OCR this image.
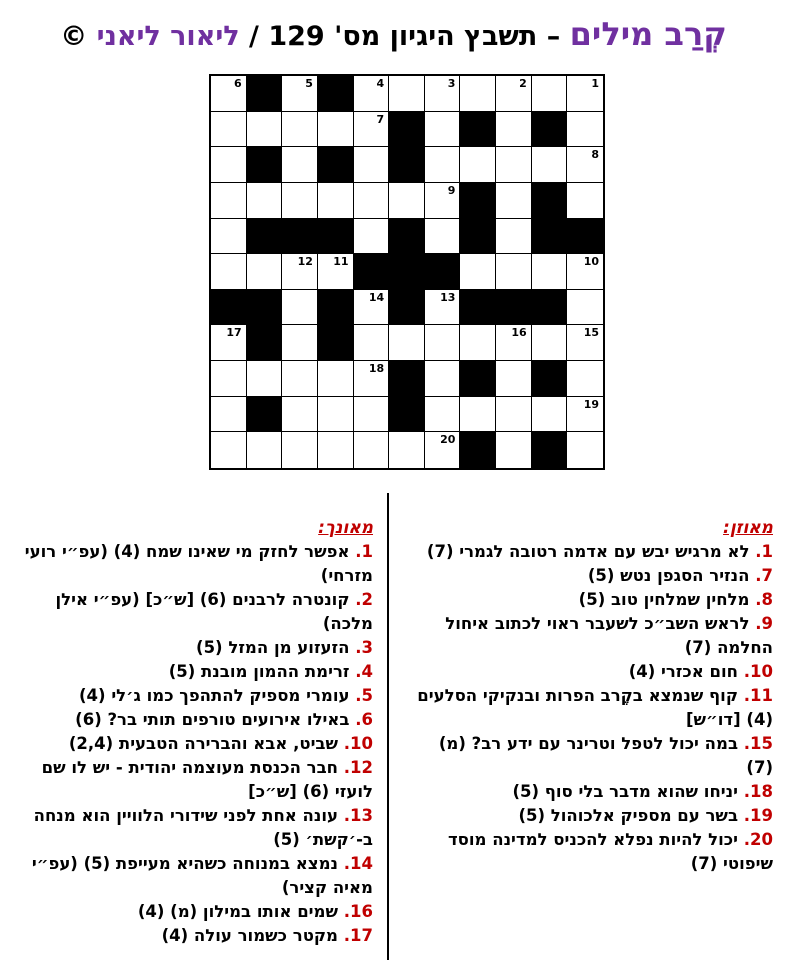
קְרַב מילים – תשבץ היגיון מס' 129 / ליאור ליאני ©
6	5	4	3	2	1
7
8
9
12 11	10
14	13
17	16	15
18
19
20
מאוזן:
1. לא מרגיש יבש עם אדמה רטובה לגמרי (7)
7. הנזיר הסגפן נטש (5)
8. מלחין שמלחין טוב (5)
9. לראש השב״כ לשעבר ראוי לכתוב איחול החלמה (7)
10. חום אכזרי (4)
11. קוף שנמצא בקֶרב הפרות ובנקיקי הסלעים (4) [דו״ש]
15. במה יכול לטפל וטרינר עם ידע רב? (מ) (7)
18. יניחו שהוא מדבר בלי סוף (5)
19. בשר עם מספיק אלכוהול (5)
20. יכול להיות נפלא להכניס למדינה מוסד שיפוטי (7)
מאונך:
1. אפשר לחזק מי שאינו שמח (4) (עפ״י רועי מזרחי)
2. קונטרה לרבנים (6) [ש״כ] (עפ״י אילן מלכה)
3. הזעזוע מן המזל (5)
4. זרימת ההמון מובנת (5)
5. עומרי מספיק להתהפך כמו ג׳לי (4)
6. באילו אירועים טורפים תותי בר? (6)
10. שביט, אבא והברירה הטבעית (2,4)
12. חבר הכנסת מעוצמה יהודית - יש לו שם לועזי (6) [ש״כ]
13. עונה אחת לפני שידורי הלוויין הוא מנחה ב-׳קשת׳ (5)
14. נמצא במנוחה כשהיא מעייפת (5) (עפ״י מאיה קציר)
16. שמים אותו במילון (מ) (4)
17. מקטר כשמור עולה (4)
